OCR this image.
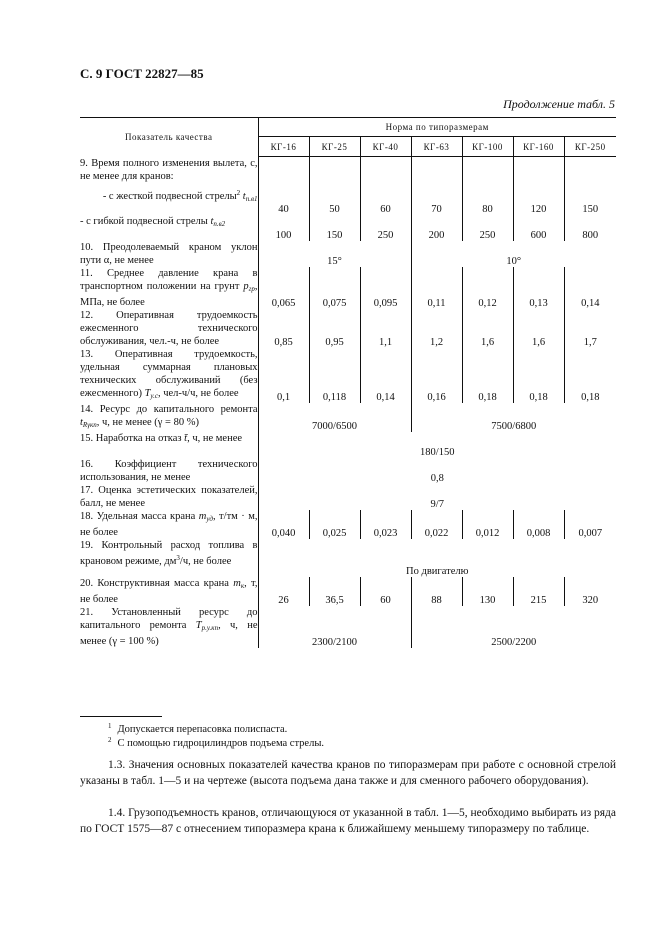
С. 9 ГОСТ 22827—85
Продолжение табл. 5
Показатель качества	Норма по типоразмерам						
	КГ-16	КГ-25	КГ-40	КГ-63	КГ-100	КГ-160	КГ-250
9. Время полного изменения вылета, с, не менее для кранов:							
- с жесткой подвесной стрелы$^2$ $t_{п.в1}$	40	50	60	70	80	120	150
- с гибкой подвесной стрелы $t_{п.в2}$	100	150	250	200	250	600	800
10. Преодолеваемый краном уклон пути α, не менее	15°			10°			
11. Среднее давление крана в транспортном положении на грунт $p_{гр}$, МПа, не более	0,065	0,075	0,095	0,11	0,12	0,13	0,14
12. Оперативная трудоемкость ежесменного технического обслуживания, чел.-ч, не более	0,85	0,95	1,1	1,2	1,6	1,6	1,7
13. Оперативная трудоемкость, удельная суммарная плановых технических обслуживаний (без ежесменного) $T_{у.с}$, чел-ч/ч, не более	0,1	0,118	0,14	0,16	0,18	0,18	0,18
14. Ресурс до капитального ремонта $t_{R\gamma кп}$, ч, не менее (γ = 80 %)	7000/6500			7500/6800			
15. Наработка на отказ t̄, ч, не менее	180/150						
16. Коэффициент технического использования, не менее	0,8						
17. Оценка эстетических показателей, балл, не менее	9/7						
18. Удельная масса крана $m_{уд}$, т/тм · м, не более	0,040	0,025	0,023	0,022	0,012	0,008	0,007
19. Контрольный расход топлива в крановом режиме, $дм^3/ч$, не более	По двигателю						
20. Конструктивная масса крана $m_к$, т, не более	26	36,5	60	88	130	215	320
21. Установленный ресурс до капитального ремонта $T_{р.у.кп}$, ч, не менее (γ = 100 %)	2300/2100			2500/2200			
$^1$ Допускается перепасовка полиспаста.
$^2$ С помощью гидроцилиндров подъема стрелы.
1.3. Значения основных показателей качества кранов по типоразмерам при работе с основной стрелой указаны в табл. 1—5 и на чертеже (высота подъема дана также и для сменного рабочего оборудования).
1.4. Грузоподъемность кранов, отличающуюся от указанной в табл. 1—5, необходимо выбирать из ряда по ГОСТ 1575—87 с отнесением типоразмера крана к ближайшему меньшему типоразмеру по таблице.
